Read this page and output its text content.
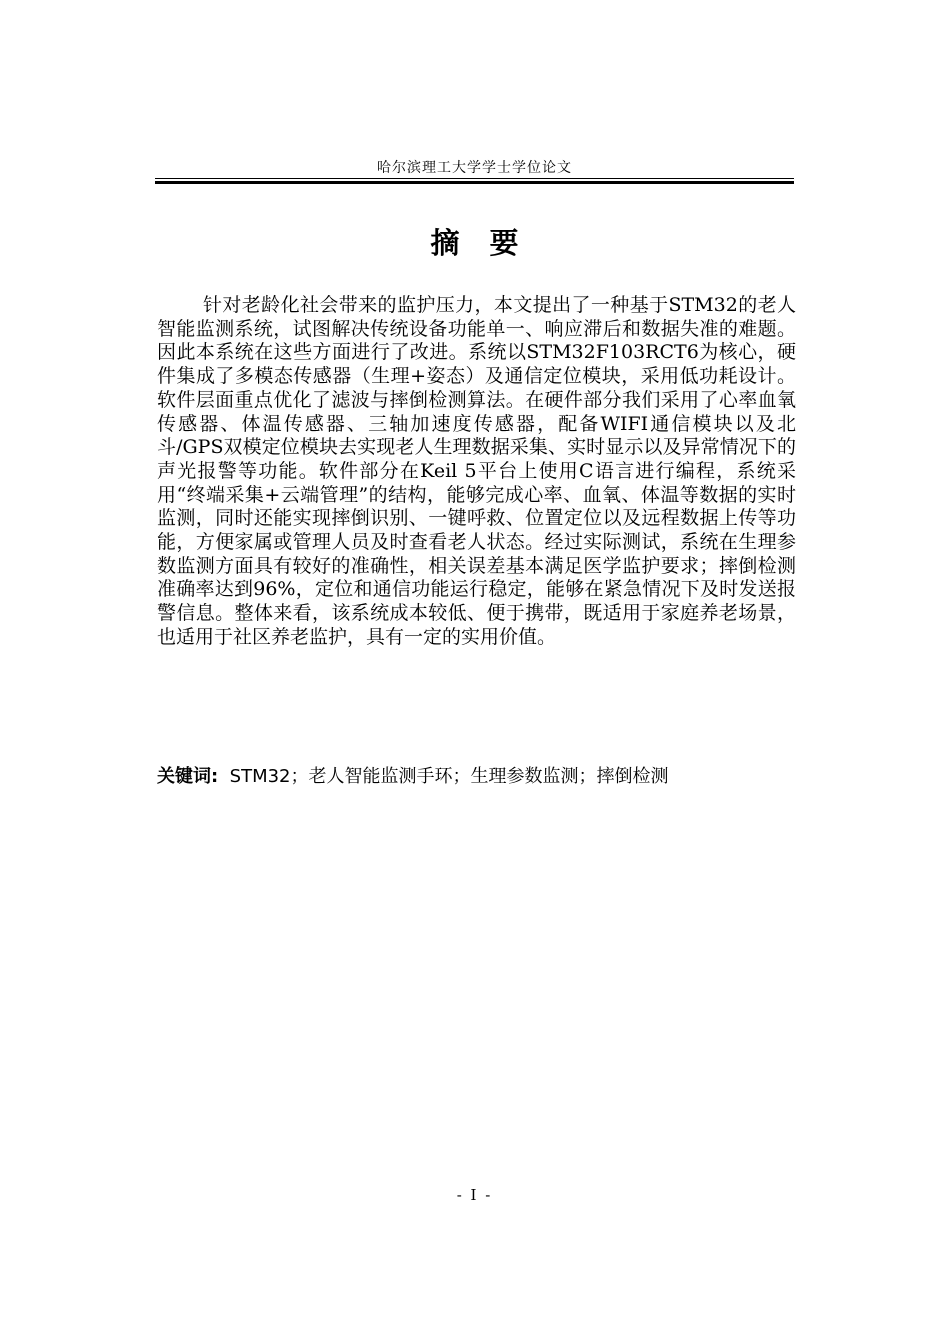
哈尔滨理工大学学士学位论文
摘要

针对老龄化社会带来的监护压力，本文提出了一种基于STM32的老人智能监测系统，试图解决传统设备功能单一、响应滞后和数据失准的难题。因此本系统在这些方面进行了改进。系统以STM32F103RCT6为核心，硬件集成了多模态传感器（生理+姿态）及通信定位模块，采用低功耗设计。软件层面重点优化了滤波与摔倒检测算法。在硬件部分我们采用了心率血氧传感器、体温传感器、三轴加速度传感器，配备WIFI通信模块以及北斗/GPS双模定位模块去实现老人生理数据采集、实时显示以及异常情况下的声光报警等功能。软件部分在Keil 5平台上使用C语言进行编程，系统采用“终端采集+云端管理”的结构，能够完成心率、血氧、体温等数据的实时监测，同时还能实现摔倒识别、一键呼救、位置定位以及远程数据上传等功能，方便家属或管理人员及时查看老人状态。经过实际测试，系统在生理参数监测方面具有较好的准确性，相关误差基本满足医学监护要求；摔倒检测准确率达到96%，定位和通信功能运行稳定，能够在紧急情况下及时发送报警信息。整体来看，该系统成本较低、便于携带，既适用于家庭养老场景，也适用于社区养老监护，具有一定的实用价值。

关键词: STM32；老人智能监测手环；生理参数监测；摔倒检测

- I -
